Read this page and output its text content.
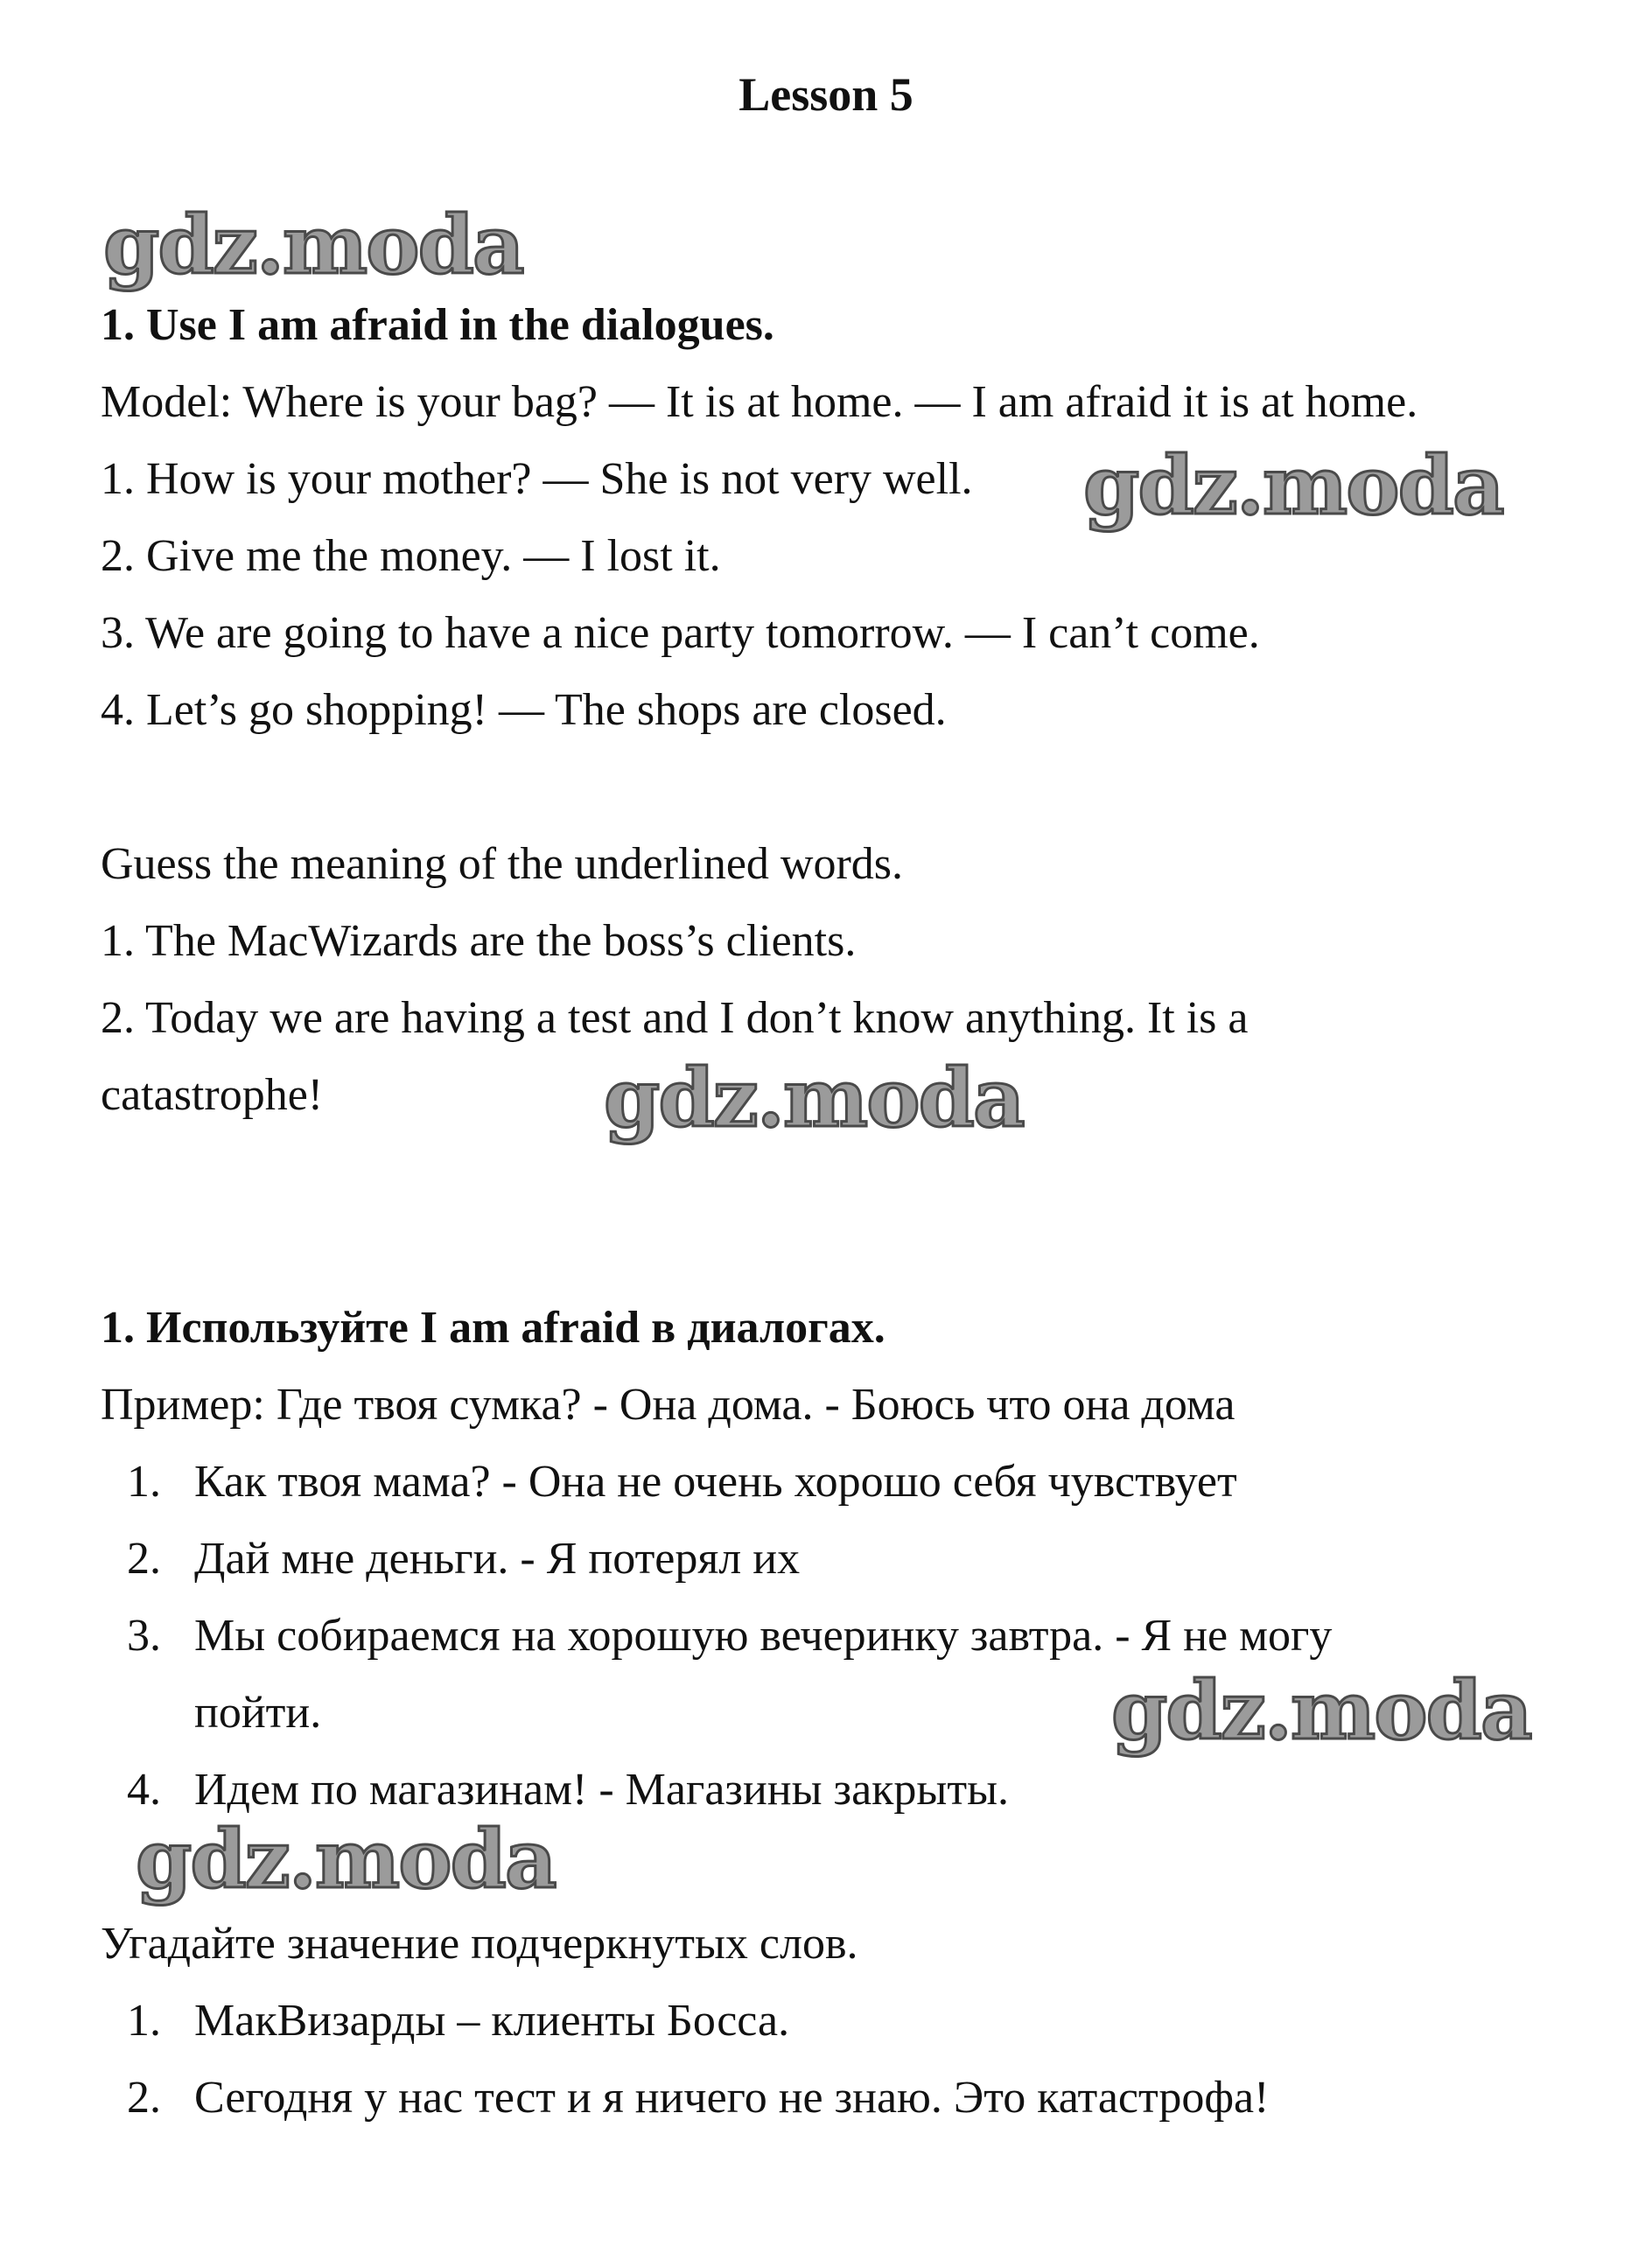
Lesson 5
1. Use I am afraid in the dialogues.
Model: Where is your bag? — It is at home. — I am afraid it is at home.
1. How is your mother? — She is not very well.
2. Give me the money. — I lost it.
3. We are going to have a nice party tomorrow. — I can’t come.
4. Let’s go shopping! — The shops are closed.
Guess the meaning of the underlined words.
1. The MacWizards are the boss’s clients.
2. Today we are having a test and I don’t know anything. It is a
catastrophe!
1. Используйте I am afraid в диалогах.
Пример: Где твоя сумка? - Она дома. - Боюсь что она дома
1. Как твоя мама? - Она не очень хорошо себя чувствует
2. Дай мне деньги. - Я потерял их
3. Мы собираемся на хорошую вечеринку завтра. - Я не могу
пойти.
4. Идем по магазинам! - Магазины закрыты.
Угадайте значение подчеркнутых слов.
1. МакВизарды – клиенты Босса.
2. Сегодня у нас тест и я ничего не знаю. Это катастрофа!
gdz.moda
gdz.moda
gdz.moda
gdz.moda
gdz.moda
